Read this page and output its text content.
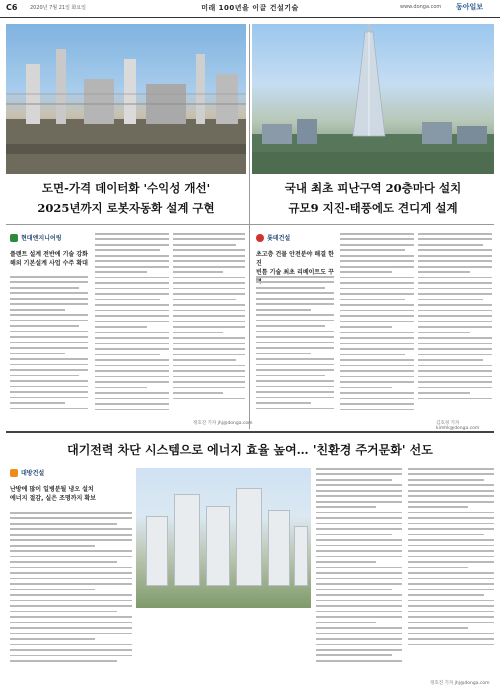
C6	2020년 7월 21일 화요일	미래 100년을 이끌 건설기술	www.donga.com 동아일보
도면-가격 데이터화 '수익성 개선'
2025년까지 로봇자동화 설계 구현
국내 최초 피난구역 20층마다 설치
규모9 지진-태풍에도 견디게 설계
현대엔지니어링
플랜트 설계 전반에 기술 강화
해외 기본설계 사업 수주 확대
정호진 기자 jhj@donga.com
롯데건설
초고층 건물 안전분야 해결 한진
빈틈 기술 최초 리베이트도 꾸
김호경 기자 kimhk@donga.com
대기전력 차단 시스템으로 에너지 효율 높여… '친환경 주거문화' 선도
대방건설
난방에 많이 일병분될 냉오 설치
에너지 절감, 실은 조명까지 확보
정호진 기자 jhj@donga.com
